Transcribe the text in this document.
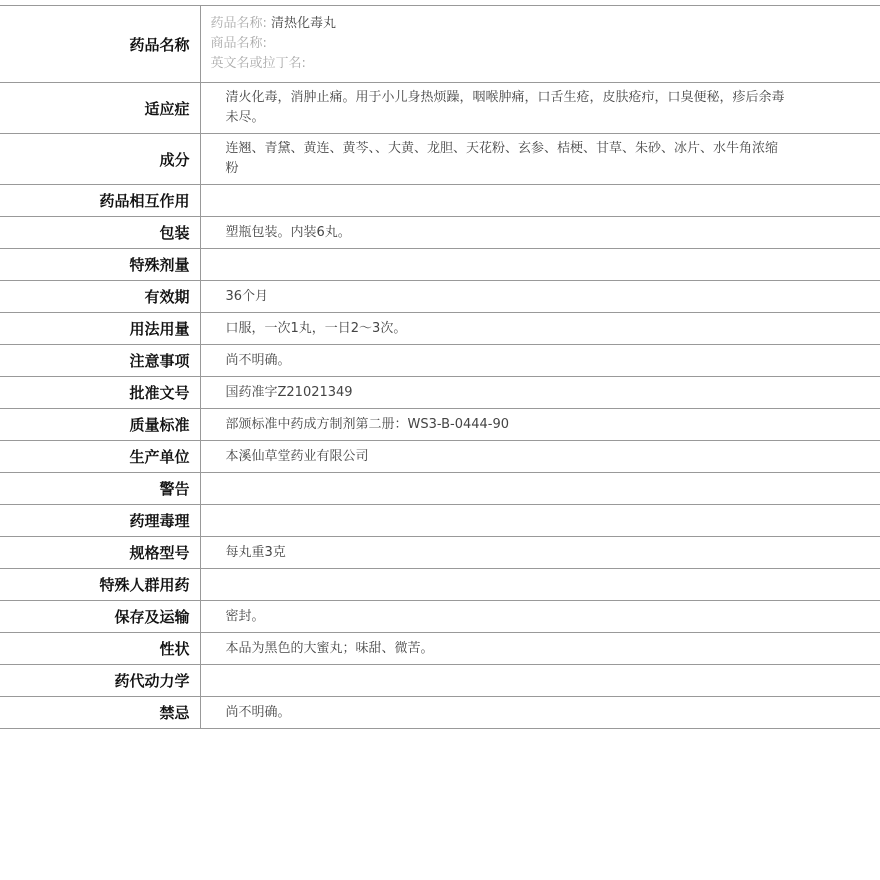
药品名称	药品名称: 清热化毒丸
商品名称:
英文名或拉丁名:

适应症	清火化毒，消肿止痛。用于小儿身热烦躁，咽喉肿痛，口舌生疮，皮肤疮疖，口臭便秘，疹后余毒未尽。
成分	连翘、青黛、黄连、黄芩、、大黄、龙胆、天花粉、玄参、桔梗、甘草、朱砂、冰片、水牛角浓缩粉
药品相互作用	
包装	塑瓶包装。内装6丸。
特殊剂量	
有效期	36个月
用法用量	口服，一次1丸，一日2～3次。
注意事项	尚不明确。
批准文号	国药准字Z21021349
质量标准	部颁标准中药成方制剂第二册：WS3-B-0444-90
生产单位	本溪仙草堂药业有限公司
警告	
药理毒理	
规格型号	每丸重3克
特殊人群用药	
保存及运输	密封。
性状	本品为黑色的大蜜丸；味甜、微苦。
药代动力学	
禁忌	尚不明确。
